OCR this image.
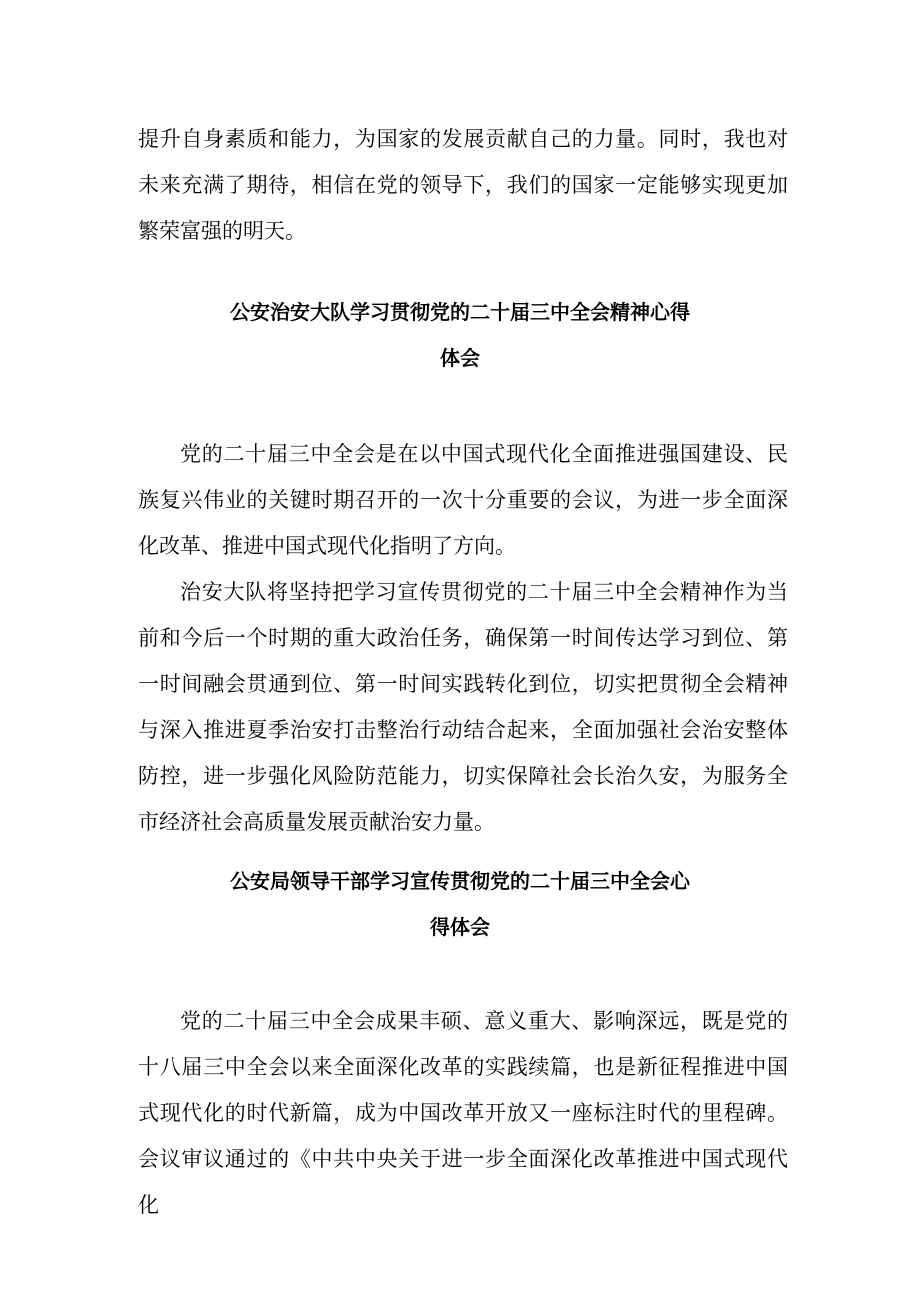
提升自身素质和能力，为国家的发展贡献自己的力量。同时，我也对未来充满了期待，相信在党的领导下，我们的国家一定能够实现更加繁荣富强的明天。

公安治安大队学习贯彻党的二十届三中全会精神心得
体会

党的二十届三中全会是在以中国式现代化全面推进强国建设、民族复兴伟业的关键时期召开的一次十分重要的会议，为进一步全面深化改革、推进中国式现代化指明了方向。

治安大队将坚持把学习宣传贯彻党的二十届三中全会精神作为当前和今后一个时期的重大政治任务，确保第一时间传达学习到位、第一时间融会贯通到位、第一时间实践转化到位，切实把贯彻全会精神与深入推进夏季治安打击整治行动结合起来，全面加强社会治安整体防控，进一步强化风险防范能力，切实保障社会长治久安，为服务全市经济社会高质量发展贡献治安力量。

公安局领导干部学习宣传贯彻党的二十届三中全会心
得体会

党的二十届三中全会成果丰硕、意义重大、影响深远，既是党的十八届三中全会以来全面深化改革的实践续篇，也是新征程推进中国式现代化的时代新篇，成为中国改革开放又一座标注时代的里程碑。会议审议通过的《中共中央关于进一步全面深化改革推进中国式现代化
